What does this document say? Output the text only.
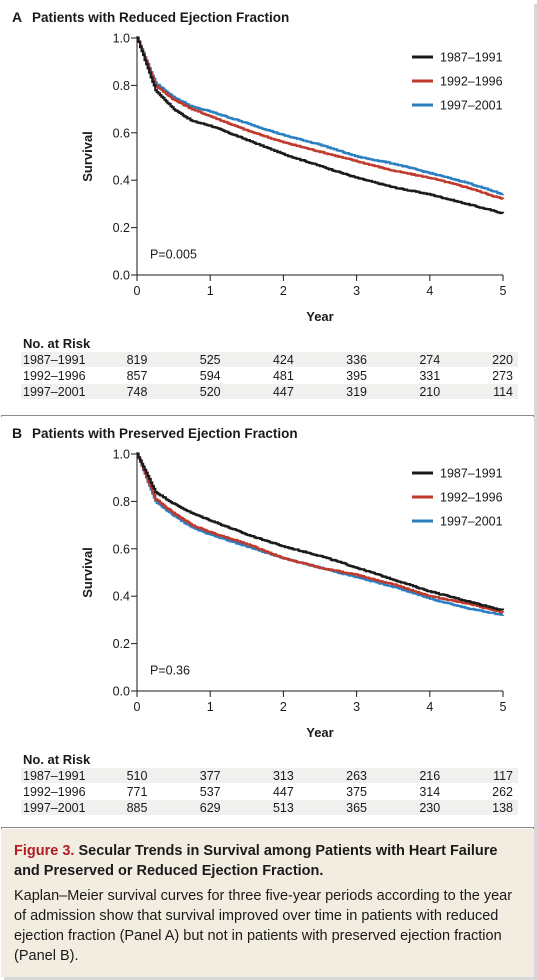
A Patients with Reduced Ejection Fraction
0.0
0.2
0.4
0.6
0.8
1.0
0	1	2	3	4	5
Survival
Year
P=0.005
1987–1991
1992–1996
1997–2001
No. at Risk
1987–1991	819	525	424	336	274	220
1992–1996	857	594	481	395	331	273
1997–2001	748	520	447	319	210	114
B Patients with Preserved Ejection Fraction
0.0
0.2
0.4
0.6
0.8
1.0
0	1	2	3	4	5
Survival
Year
P=0.36
1987–1991
1992–1996
1997–2001
No. at Risk
1987–1991	510	377	313	263	216	117
1992–1996	771	537	447	375	314	262
1997–2001	885	629	513	365	230	138

Figure 3. Secular Trends in Survival among Patients with Heart Failure and Preserved or Reduced Ejection Fraction.

Kaplan–Meier survival curves for three five-year periods according to the year of admission show that survival improved over time in patients with reduced ejection fraction (Panel A) but not in patients with preserved ejection fraction (Panel B).
